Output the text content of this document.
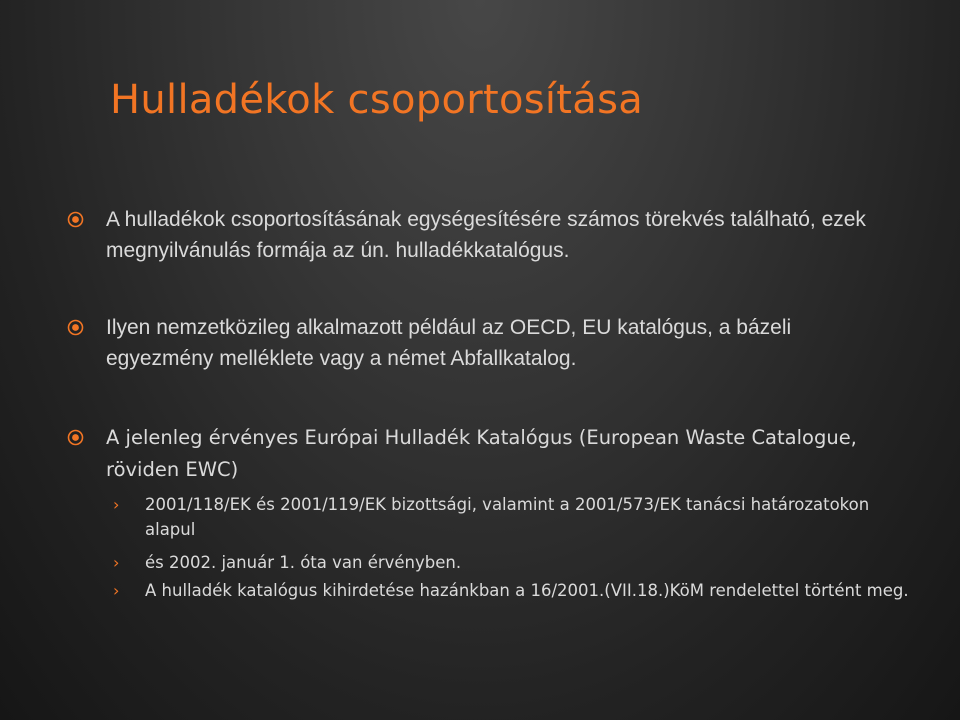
Hulladékok csoportosítása
A hulladékok csoportosításának egységesítésére számos törekvés található, ezek megnyilvánulás formája az ún. hulladékkatalógus.
Ilyen nemzetközileg alkalmazott például az OECD, EU katalógus, a bázeli egyezmény melléklete vagy a német Abfallkatalog.
A jelenleg érvényes Európai Hulladék Katalógus (European Waste Catalogue, röviden EWC)
› 2001/118/EK és 2001/119/EK bizottsági, valamint a 2001/573/EK tanácsi határozatokon alapul
› és 2002. január 1. óta van érvényben.
› A hulladék katalógus kihirdetése hazánkban a 16/2001.(VII.18.)KöM rendelettel történt meg.
